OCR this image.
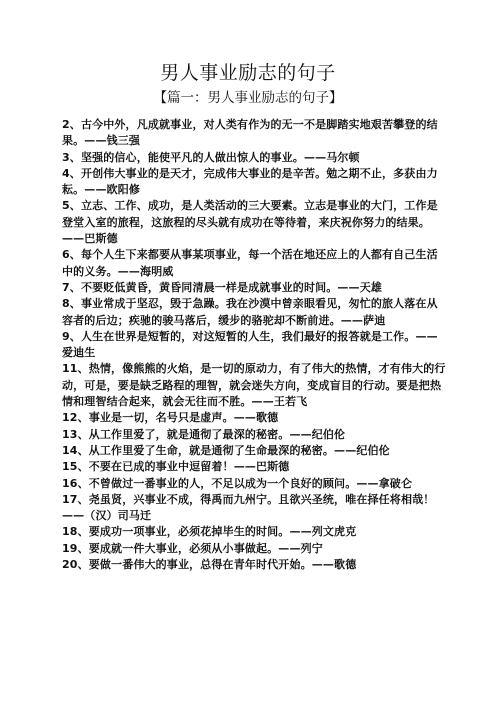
男人事业励志的句子
【篇一：男人事业励志的句子】
2、古今中外，凡成就事业，对人类有作为的无一不是脚踏实地艰苦攀登的结果。——钱三强
3、坚强的信心，能使平凡的人做出惊人的事业。——马尔顿
4、开创伟大事业的是天才，完成伟大事业的是辛苦。勉之期不止，多获由力耘。——欧阳修
5、立志、工作、成功，是人类活动的三大要素。立志是事业的大门，工作是登堂入室的旅程，这旅程的尽头就有成功在等待着，来庆祝你努力的结果。——巴斯德
6、每个人生下来都要从事某项事业，每一个活在地还应上的人都有自己生活中的义务。——海明威
7、不要贬低黄昏，黄昏同清晨一样是成就事业的时间。——天雄
8、事业常成于坚忍，毁于急躁。我在沙漠中曾亲眼看见，匆忙的旅人落在从容者的后边；疾驰的骏马落后，缓步的骆驼却不断前进。——萨迪
9、人生在世界是短暂的，对这短暂的人生，我们最好的报答就是工作。——爱迪生
11、热情，像熊熊的火焰，是一切的原动力，有了伟大的热情，才有伟大的行动，可是，要是缺乏路程的理智，就会迷失方向，变成盲目的行动。要是把热情和理智结合起来，就会无往而不胜。——王若飞
12、事业是一切，名号只是虚声。——歌德
13、从工作里爱了，就是通彻了最深的秘密。——纪伯伦
14、从工作里爱了生命，就是通彻了生命最深的秘密。——纪伯伦
15、不要在已成的事业中逗留着！——巴斯德
16、不曾做过一番事业的人，不足以成为一个良好的顾问。——拿破仑
17、尧虽贤，兴事业不成，得禹而九州宁。且欲兴圣统，唯在择任将相哉！——（汉）司马迁
18、要成功一项事业，必须花掉毕生的时间。——列文虎克
19、要成就一件大事业，必须从小事做起。——列宁
20、要做一番伟大的事业，总得在青年时代开始。——歌德
